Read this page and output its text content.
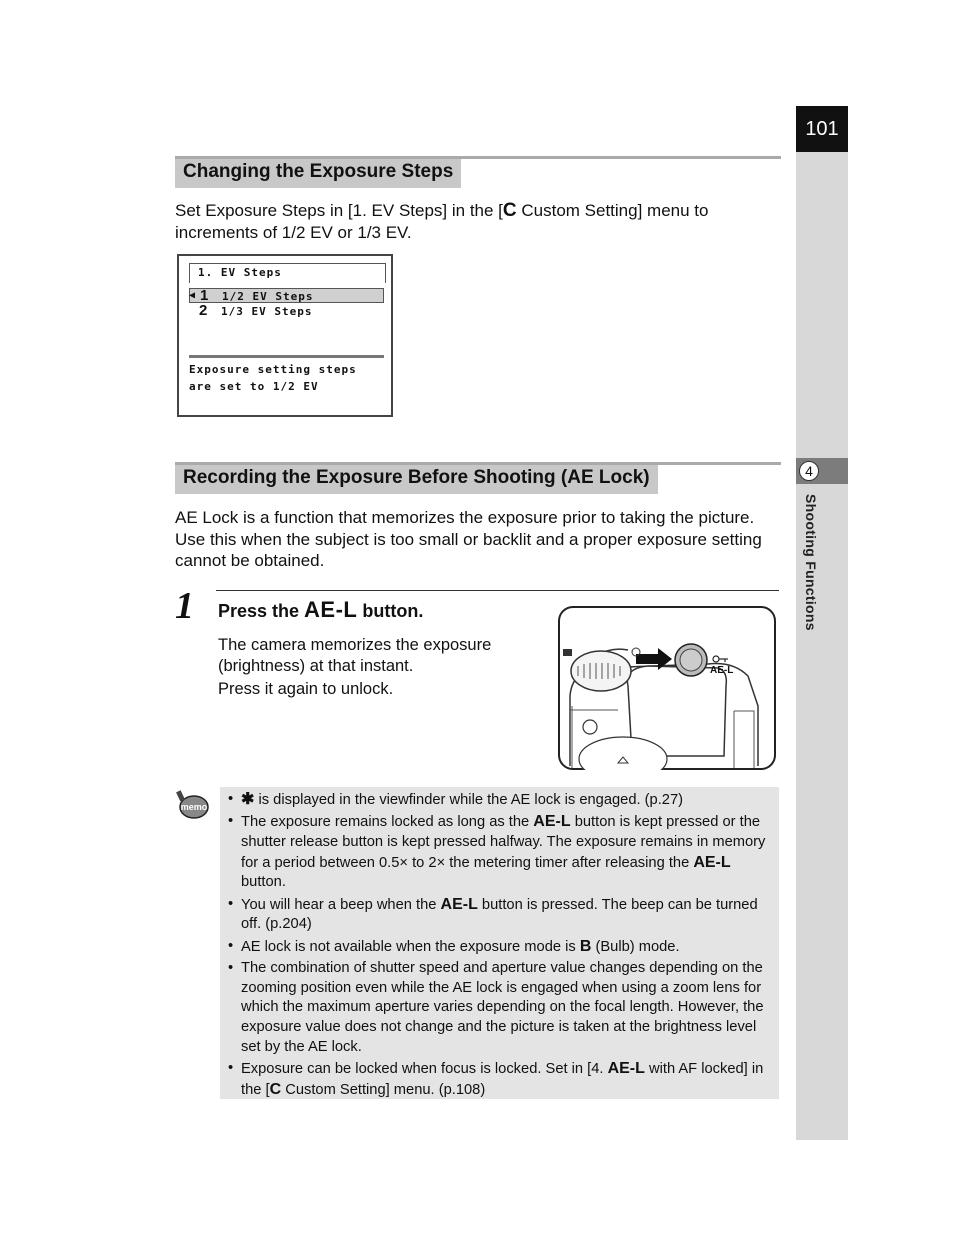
101
4
Shooting Functions
Changing the Exposure Steps

Set Exposure Steps in [1. EV Steps] in the [C Custom Setting] menu to increments of 1/2 EV or 1/3 EV.

1. EV Steps
◀ 1 1/2 EV Steps
2 1/3 EV Steps
Exposure setting steps
are set to 1/2 EV
Recording the Exposure Before Shooting (AE Lock)

AE Lock is a function that memorizes the exposure prior to taking the picture. Use this when the subject is too small or backlit and a proper exposure setting cannot be obtained.

1 Press the AE-L button.

The camera memorizes the exposure (brightness) at that instant.

Press it again to unlock.

AE-L
memo
•	✱ is displayed in the viewfinder while the AE lock is engaged. (p.27)
• The exposure remains locked as long as the AE-L button is kept pressed or the shutter release button is kept pressed halfway. The exposure remains in memory for a period between 0.5× to 2× the metering timer after releasing the AE-L button.
• You will hear a beep when the AE-L button is pressed. The beep can be turned off. (p.204)
• AE lock is not available when the exposure mode is B (Bulb) mode.
• The combination of shutter speed and aperture value changes depending on the zooming position even while the AE lock is engaged when using a zoom lens for which the maximum aperture varies depending on the focal length. However, the exposure value does not change and the picture is taken at the brightness level set by the AE lock.
• Exposure can be locked when focus is locked. Set in [4. AE-L with AF locked] in the [C Custom Setting] menu. (p.108)
